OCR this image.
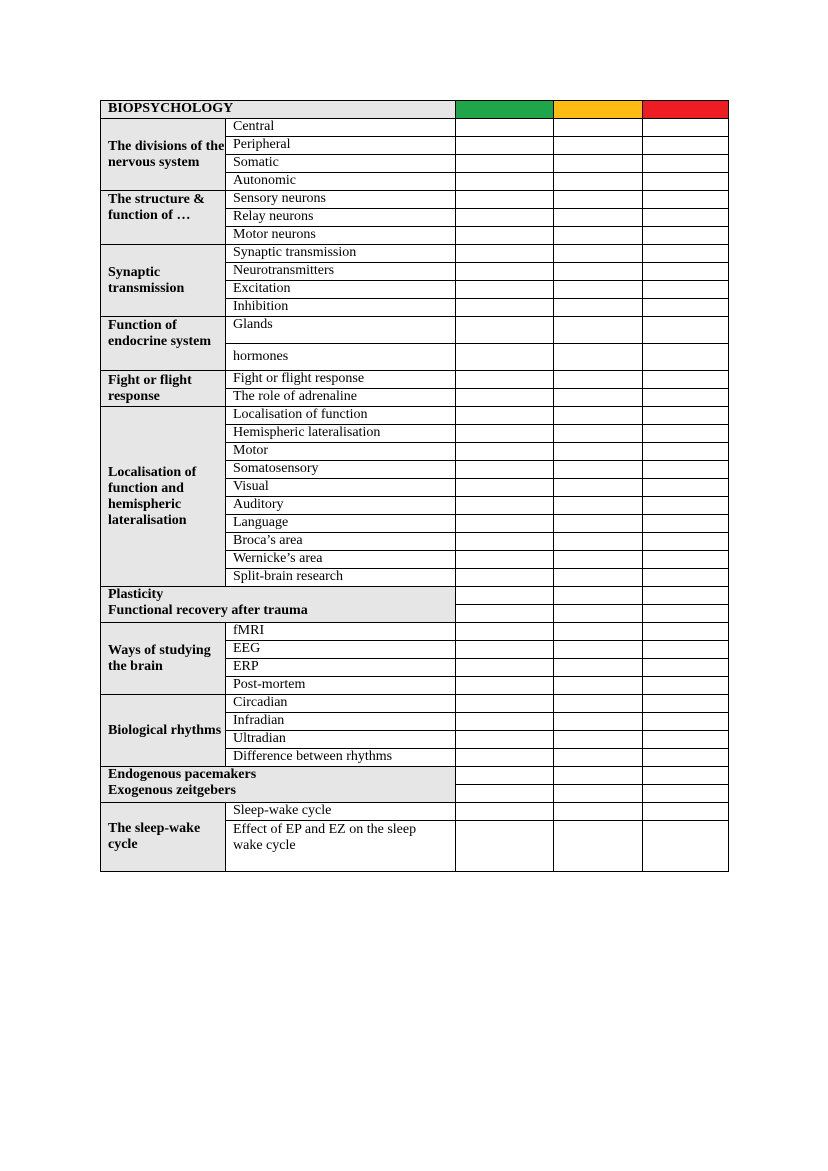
BIOPSYCHOLOGY				
The divisions of the nervous system	Central			
	Peripheral			
	Somatic			
	Autonomic			
The structure & function of …	Sensory neurons			
	Relay neurons			
	Motor neurons			
Synaptic transmission	Synaptic transmission			
	Neurotransmitters			
	Excitation			
	Inhibition			
Function of endocrine system	Glands			
	hormones			
Fight or flight response	Fight or flight response			
	The role of adrenaline			
Localisation of function and hemispheric lateralisation	Localisation of function			
	Hemispheric lateralisation			
	Motor			
	Somatosensory			
	Visual			
	Auditory			
	Language			
	Broca’s area			
	Wernicke’s area			
	Split-brain research			

Plasticity
Functional recovery after trauma				

Ways of studying the brain	fMRI			
	EEG			
	ERP			
	Post-mortem			
Biological rhythms	Circadian			
	Infradian			
	Ultradian			
	Difference between rhythms			

Endogenous pacemakers
Exogenous zeitgebers				

The sleep-wake cycle	Sleep-wake cycle			
	Effect of EP and EZ on the sleep wake cycle			
